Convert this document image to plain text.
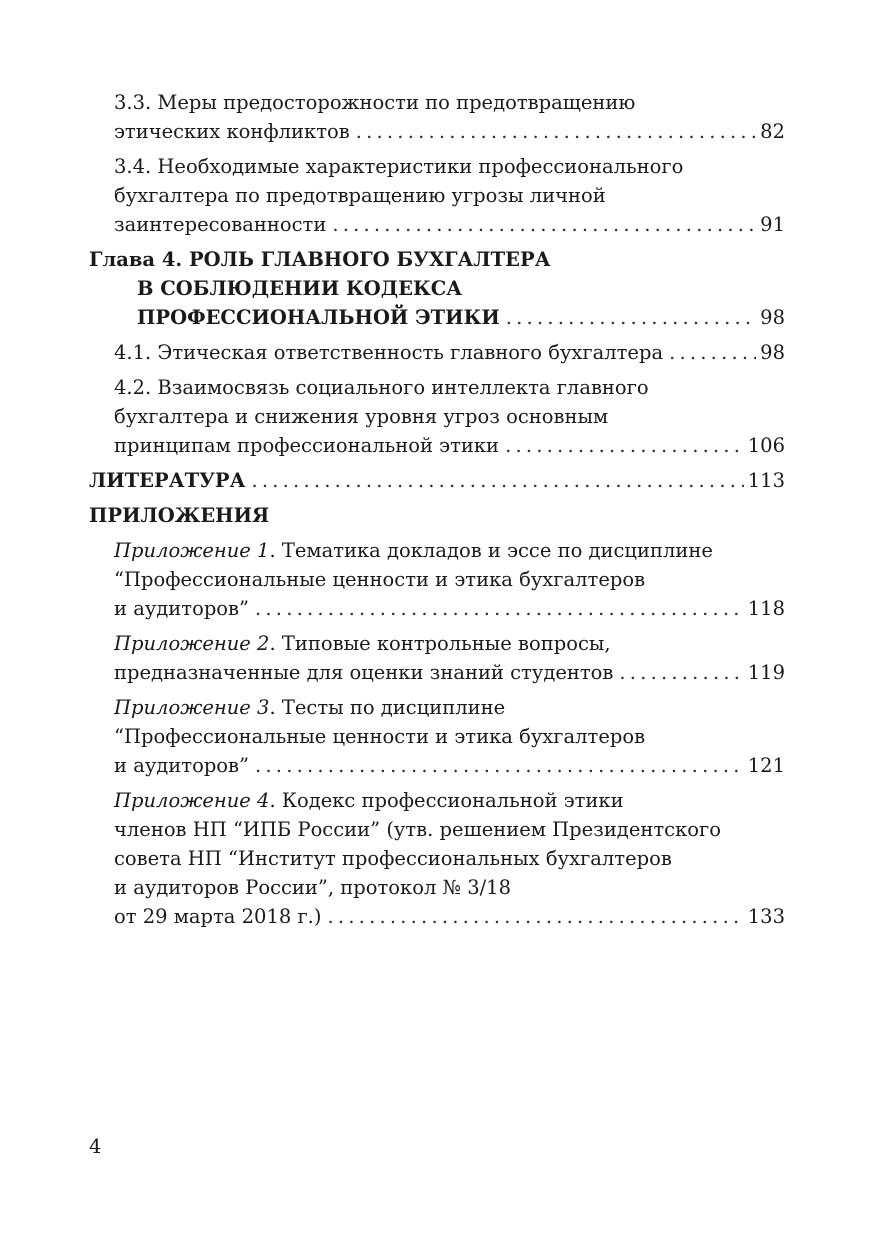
3.3. Меры предосторожности по предотвращению
этических конфликтов . . .	82
3.4. Необходимые характеристики профессионального
бухгалтера по предотвращению угрозы личной
заинтересованности . . .	91
Глава 4. РОЛЬ ГЛАВНОГО БУХГАЛТЕРА
В СОБЛЮДЕНИИ КОДЕКСА
ПРОФЕССИОНАЛЬНОЙ ЭТИКИ . . .	98
4.1. Этическая ответственность главного бухгалтера . . .	98
4.2. Взаимосвязь социального интеллекта главного
бухгалтера и снижения уровня угроз основным
принципам профессиональной этики . . .	106
ЛИТЕРАТУРА . . .	113
ПРИЛОЖЕНИЯ
Приложение 1. Тематика докладов и эссе по дисциплине
“Профессиональные ценности и этика бухгалтеров
и аудиторов” . . .	118
Приложение 2. Типовые контрольные вопросы,
предназначенные для оценки знаний студентов . . .	119
Приложение 3. Тесты по дисциплине
“Профессиональные ценности и этика бухгалтеров
и аудиторов” . . .	121
Приложение 4. Кодекс профессиональной этики
членов НП “ИПБ России” (утв. решением Президентского
совета НП “Институт профессиональных бухгалтеров
и аудиторов России”, протокол № 3/18
от 29 марта 2018 г.) . . .	133
4
